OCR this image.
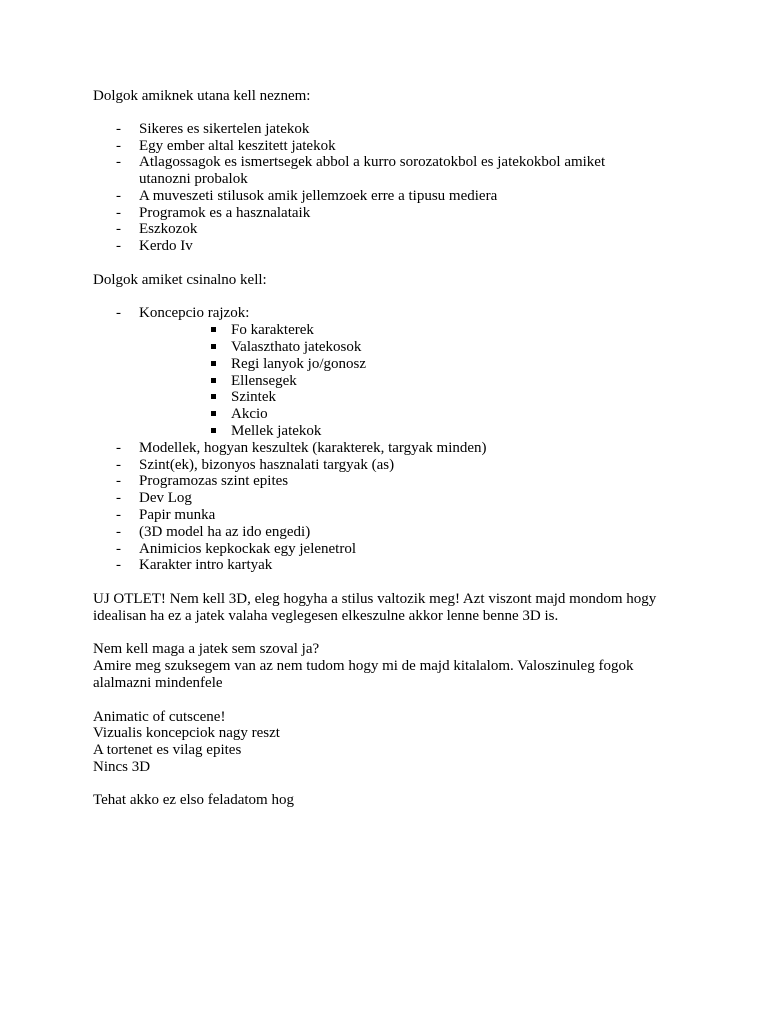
Dolgok amiknek utana kell neznem:
- Sikeres es sikertelen jatekok
- Egy ember altal keszitett jatekok
- Atlagossagok es ismertsegek abbol a kurro sorozatokbol es jatekokbol amiket
utanozni probalok
- A muveszeti stilusok amik jellemzoek erre a tipusu mediera
- Programok es a hasznalataik
- Eszkozok
- Kerdo Iv
Dolgok amiket csinalno kell:
- Koncepcio rajzok:
Fo karakterek
Valaszthato jatekosok
Regi lanyok jo/gonosz
Ellensegek
Szintek
Akcio
Mellek jatekok
- Modellek, hogyan keszultek (karakterek, targyak minden)
- Szint(ek), bizonyos hasznalati targyak (as)
- Programozas szint epites
- Dev Log
- Papir munka
- (3D model ha az ido engedi)
- Animicios kepkockak egy jelenetrol
- Karakter intro kartyak
UJ OTLET! Nem kell 3D, eleg hogyha a stilus valtozik meg! Azt viszont majd mondom hogy
idealisan ha ez a jatek valaha veglegesen elkeszulne akkor lenne benne 3D is.
Nem kell maga a jatek sem szoval ja?
Amire meg szuksegem van az nem tudom hogy mi de majd kitalalom. Valoszinuleg fogok
alalmazni mindenfele
Animatic of cutscene!
Vizualis koncepciok nagy reszt
A tortenet es vilag epites
Nincs 3D
Tehat akko ez elso feladatom hog
